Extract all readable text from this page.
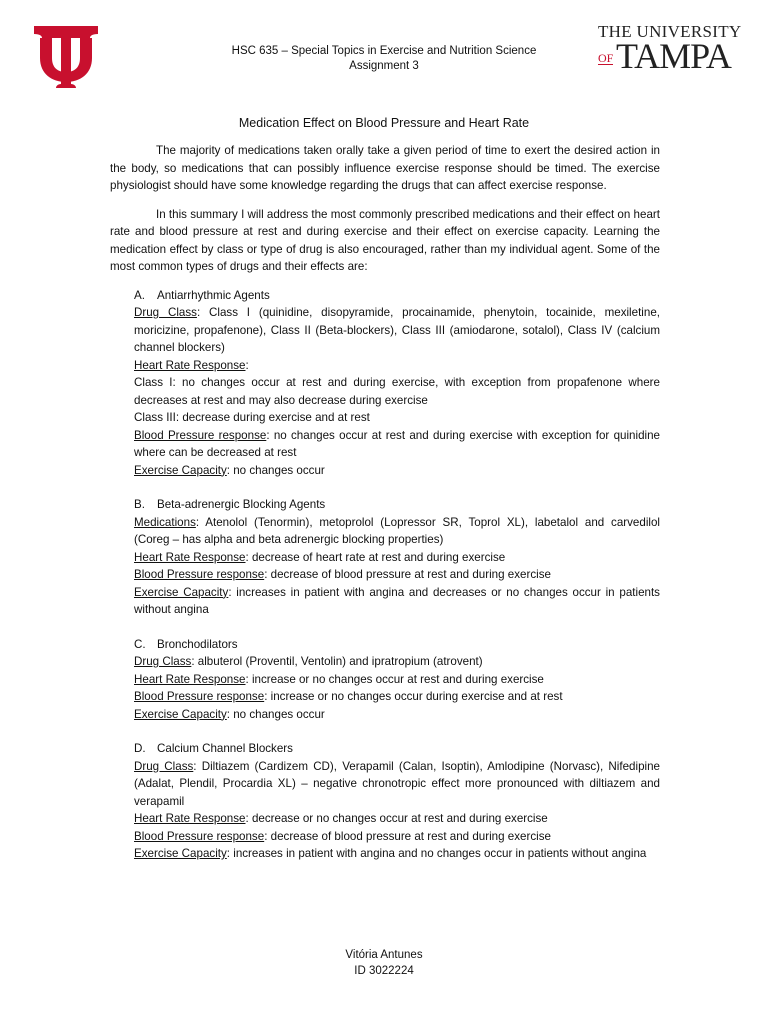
THE UNIVERSITY
OF TAMPA
HSC 635 – Special Topics in Exercise and Nutrition Science
Assignment 3
Medication Effect on Blood Pressure and Heart Rate

The majority of medications taken orally take a given period of time to exert the desired action in the body, so medications that can possibly influence exercise response should be timed. The exercise physiologist should have some knowledge regarding the drugs that can affect exercise response.

In this summary I will address the most commonly prescribed medications and their effect on heart rate and blood pressure at rest and during exercise and their effect on exercise capacity. Learning the medication effect by class or type of drug is also encouraged, rather than my individual agent. Some of the most common types of drugs and their effects are:

A.	Antiarrhythmic Agents

Drug Class: Class I (quinidine, disopyramide, procainamide, phenytoin, tocainide, mexiletine, moricizine, propafenone), Class II (Beta-blockers), Class III (amiodarone, sotalol), Class IV (calcium channel blockers)

Heart Rate Response:

Class I: no changes occur at rest and during exercise, with exception from propafenone where decreases at rest and may also decrease during exercise

Class III: decrease during exercise and at rest

Blood Pressure response: no changes occur at rest and during exercise with exception for quinidine where can be decreased at rest

Exercise Capacity: no changes occur

B.	Beta-adrenergic Blocking Agents

Medications: Atenolol (Tenormin), metoprolol (Lopressor SR, Toprol XL), labetalol and carvedilol (Coreg – has alpha and beta adrenergic blocking properties)

Heart Rate Response: decrease of heart rate at rest and during exercise

Blood Pressure response: decrease of blood pressure at rest and during exercise

Exercise Capacity: increases in patient with angina and decreases or no changes occur in patients without angina

C. Bronchodilators

Drug Class: albuterol (Proventil, Ventolin) and ipratropium (atrovent)

Heart Rate Response: increase or no changes occur at rest and during exercise

Blood Pressure response: increase or no changes occur during exercise and at rest

Exercise Capacity: no changes occur

D. Calcium Channel Blockers

Drug Class: Diltiazem (Cardizem CD), Verapamil (Calan, Isoptin), Amlodipine (Norvasc), Nifedipine (Adalat, Plendil, Procardia XL) – negative chronotropic effect more pronounced with diltiazem and verapamil

Heart Rate Response: decrease or no changes occur at rest and during exercise

Blood Pressure response: decrease of blood pressure at rest and during exercise

Exercise Capacity: increases in patient with angina and no changes occur in patients without angina

Vitória Antunes
ID 3022224
